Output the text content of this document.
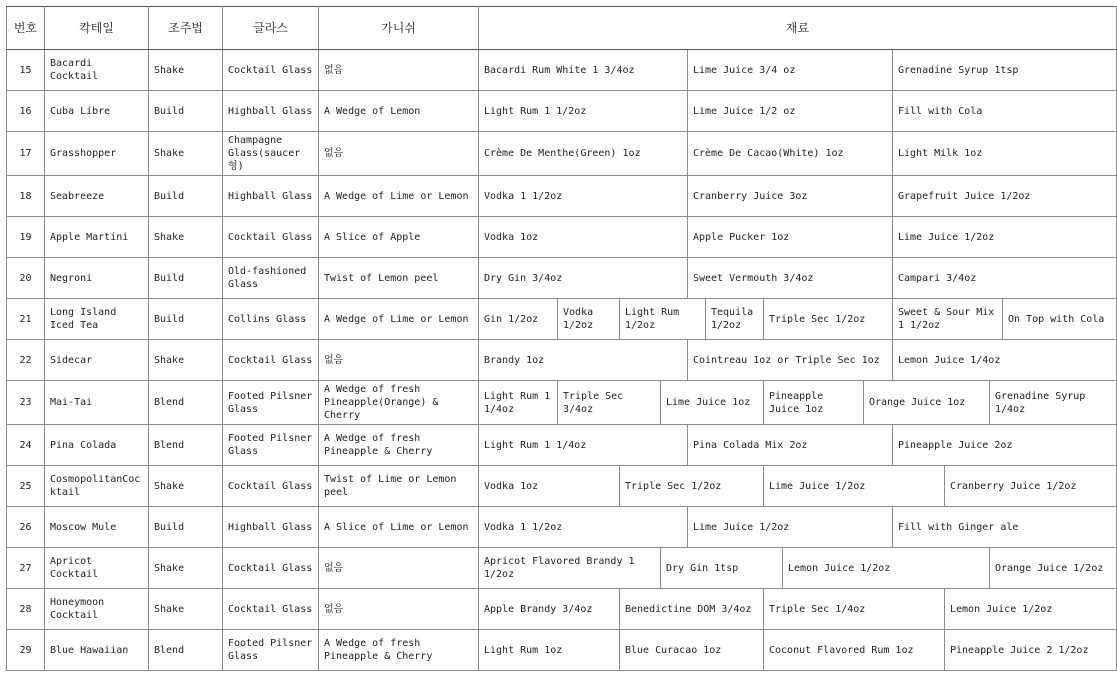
번호	칵테일	조주법	글라스	가니쉬	재료												
15	Bacardi Cocktail	Shake	Cocktail Glass	없음	Bacardi Rum White 1 3/4oz				Lime Juice 3/4 oz					Grenadine Syrup 1tsp			
16	Cuba Libre	Build	Highball Glass	A Wedge of Lemon	Light Rum 1 1/2oz				Lime Juice 1/2 oz					Fill with Cola			
17	Grasshopper	Shake	Champagne Glass(saucer형)	없음	Crème De Menthe(Green) 1oz				Crème De Cacao(White) 1oz					Light Milk 1oz			
18	Seabreeze	Build	Highball Glass	A Wedge of Lime or Lemon	Vodka 1 1/2oz				Cranberry Juice 3oz					Grapefruit Juice 1/2oz			
19	Apple Martini	Shake	Cocktail Glass	A Slice of Apple	Vodka 1oz				Apple Pucker 1oz					Lime Juice 1/2oz			
20	Negroni	Build	Old-fashioned Glass	Twist of Lemon peel	Dry Gin 3/4oz				Sweet Vermouth 3/4oz					Campari 3/4oz			
21	Long Island Iced Tea	Build	Collins Glass	A Wedge of Lime or Lemon	Gin 1/2oz	Vodka 1/2oz	Light Rum 1/2oz			Tequila 1/2oz	Triple Sec 1/2oz			Sweet & Sour Mix 1 1/2oz			On Top with Cola
22	Sidecar	Shake	Cocktail Glass	없음	Brandy 1oz				Cointreau 1oz or Triple Sec 1oz					Lemon Juice 1/4oz			
23	Mai-Tai	Blend	Footed Pilsner Glass	A Wedge of fresh Pineapple(Orange) & Cherry	Light Rum 1 1/4oz	Triple Sec 3/4oz		Lime Juice 1oz			Pineapple Juice 1oz		Orange Juice 1oz			Grenadine Syrup 1/4oz	
24	Pina Colada	Blend	Footed Pilsner Glass	A Wedge of fresh Pineapple & Cherry	Light Rum 1 1/4oz				Pina Colada Mix 2oz					Pineapple Juice 2oz			
25	CosmopolitanCocktail	Shake	Cocktail Glass	Twist of Lime or Lemon peel	Vodka 1oz		Triple Sec 1/2oz				Lime Juice 1/2oz				Cranberry Juice 1/2oz		
26	Moscow Mule	Build	Highball Glass	A Slice of Lime or Lemon	Vodka 1 1/2oz				Lime Juice 1/2oz					Fill with Ginger ale			
27	Apricot Cocktail	Shake	Cocktail Glass	없음	Apricot Flavored Brandy 1 1/2oz			Dry Gin 1tsp				Lemon Juice 1/2oz				Orange Juice 1/2oz	
28	Honeymoon Cocktail	Shake	Cocktail Glass	없음	Apple Brandy 3/4oz		Benedictine DOM 3/4oz				Triple Sec 1/4oz				Lemon Juice 1/2oz		
29	Blue Hawaiian	Blend	Footed Pilsner Glass	A Wedge of fresh Pineapple & Cherry	Light Rum 1oz		Blue Curacao 1oz				Coconut Flavored Rum 1oz				Pineapple Juice 2 1/2oz		
